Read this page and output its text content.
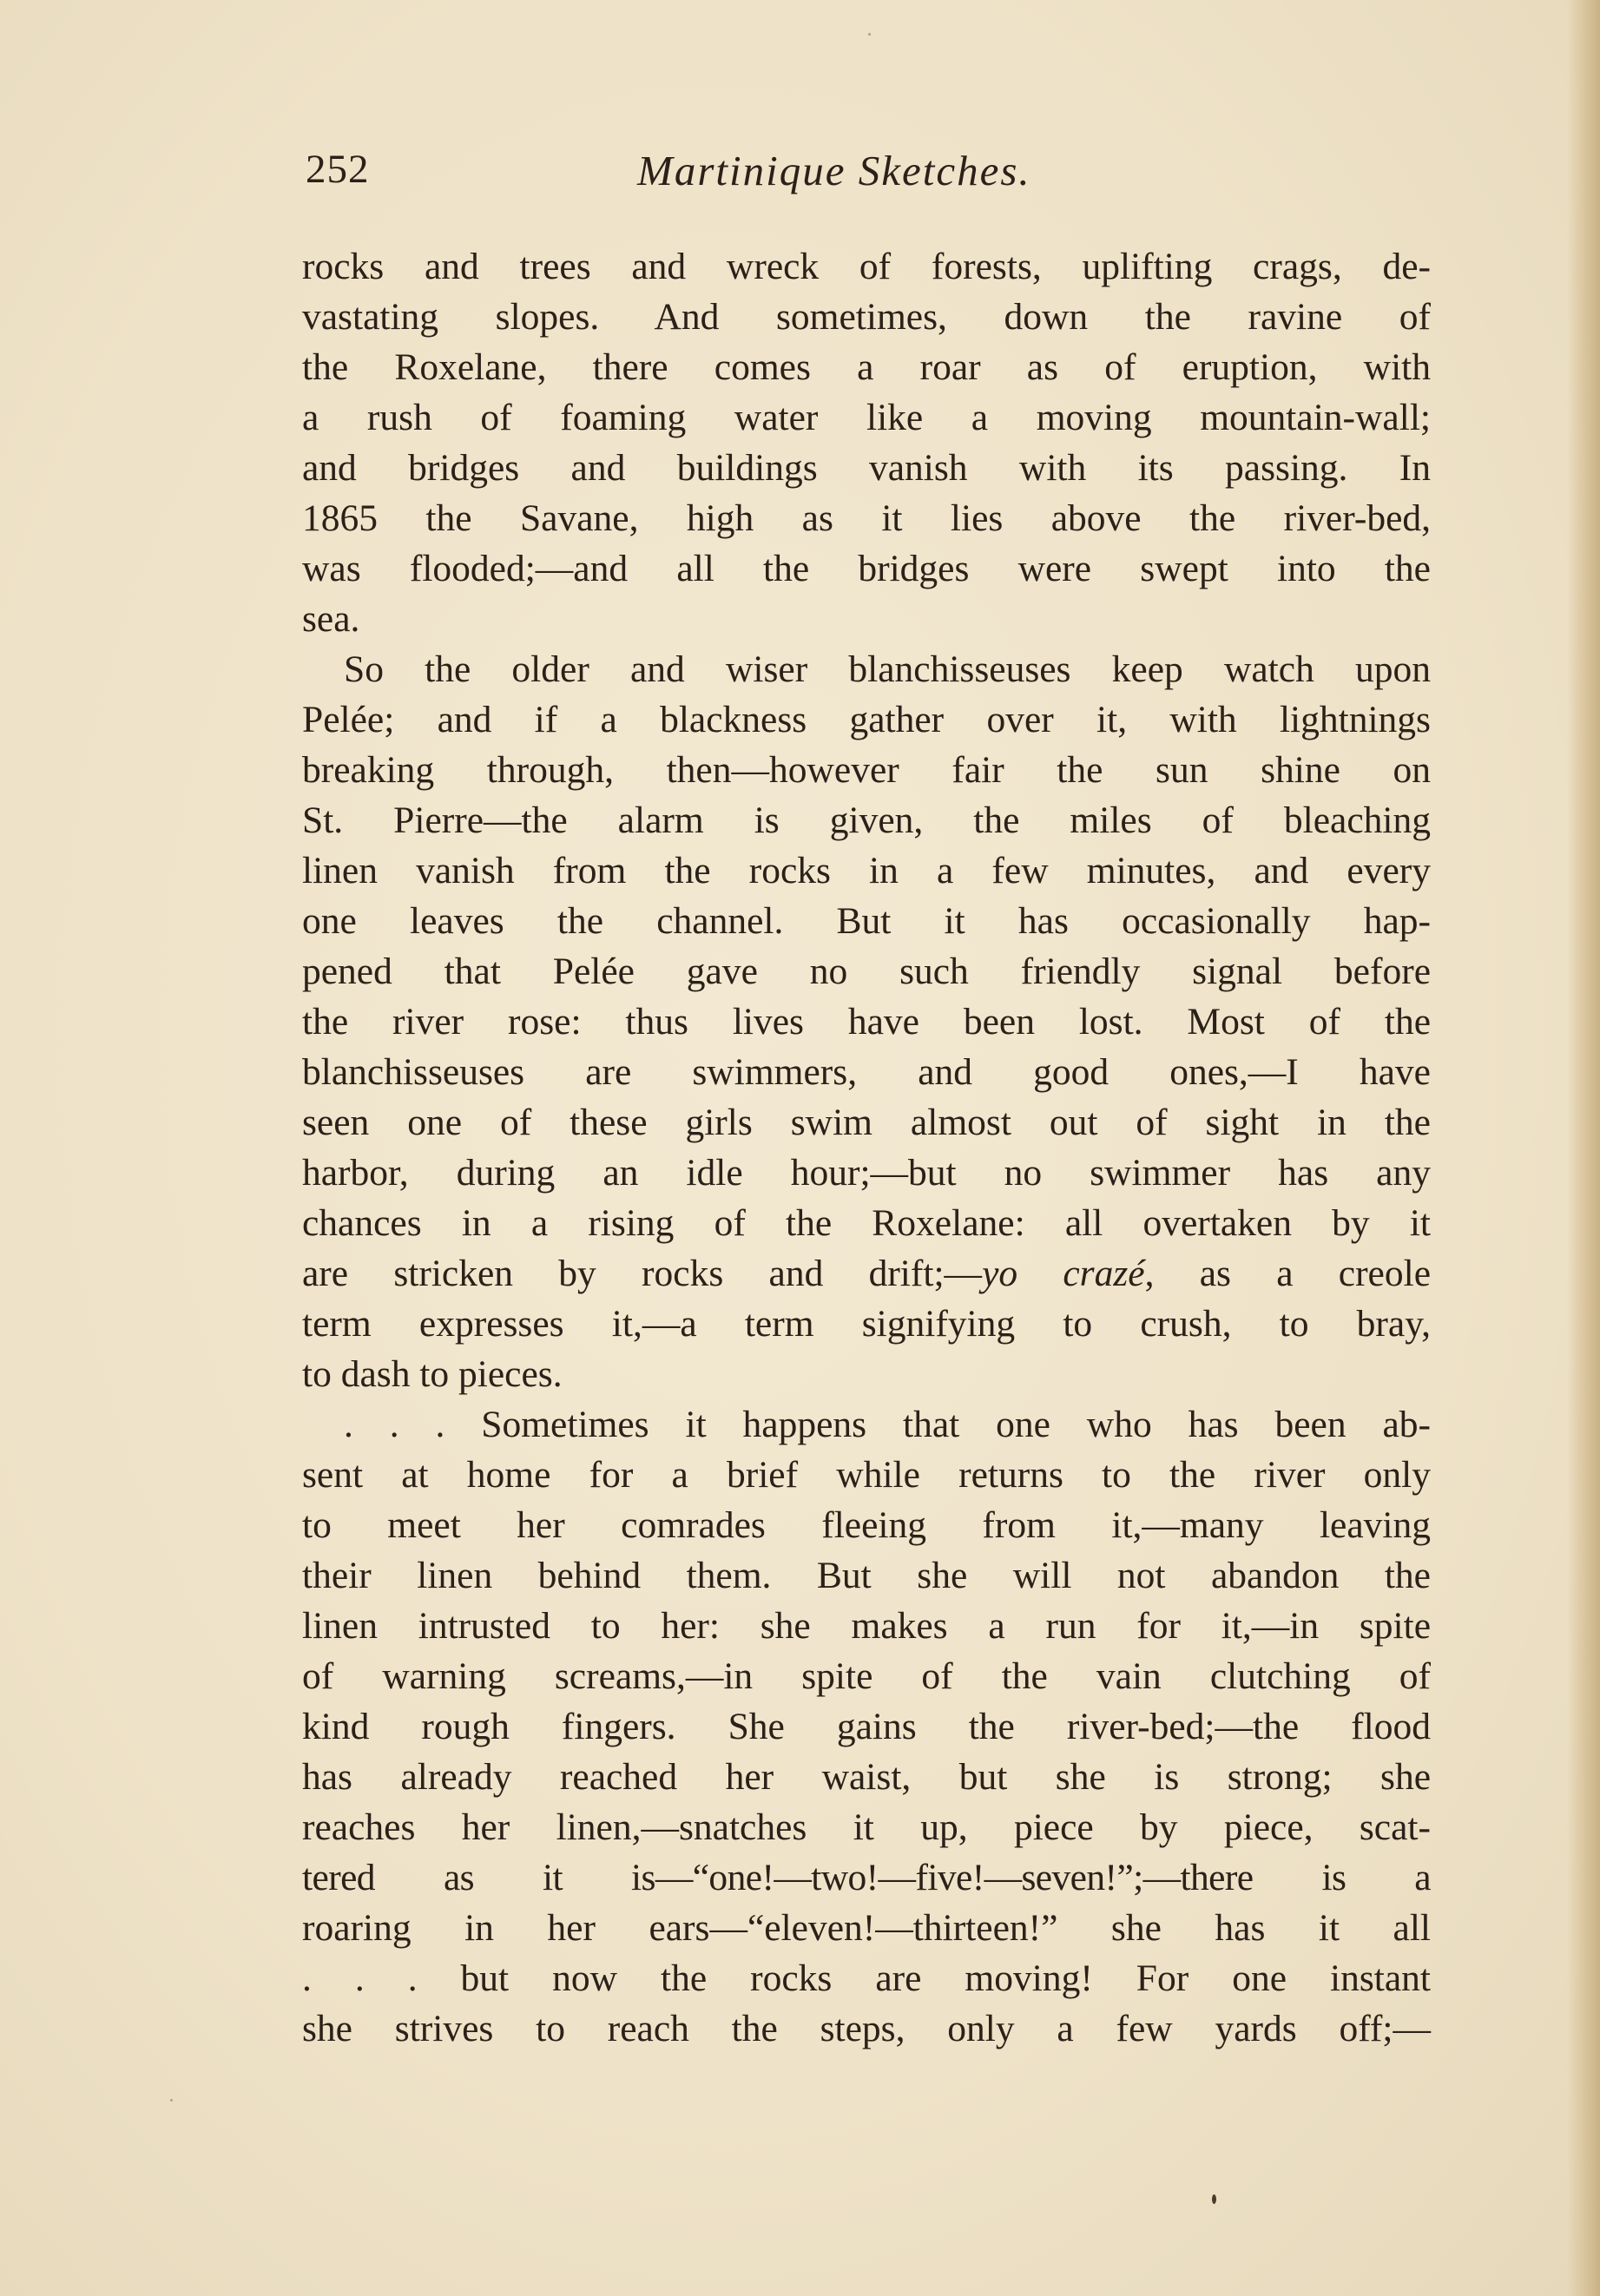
252	Martinique Sketches.
rocks and trees and wreck of forests, uplifting crags, de-
vastating slopes. And sometimes, down the ravine of
the Roxelane, there comes a roar as of eruption, with
a rush of foaming water like a moving mountain-wall;
and bridges and buildings vanish with its passing. In
1865 the Savane, high as it lies above the river-bed,
was flooded;—and all the bridges were swept into the
sea.
So the older and wiser blanchisseuses keep watch upon
Pelée; and if a blackness gather over it, with lightnings
breaking through, then—however fair the sun shine on
St. Pierre—the alarm is given, the miles of bleaching
linen vanish from the rocks in a few minutes, and every
one leaves the channel. But it has occasionally hap-
pened that Pelée gave no such friendly signal before
the river rose: thus lives have been lost. Most of the
blanchisseuses are swimmers, and good ones,—I have
seen one of these girls swim almost out of sight in the
harbor, during an idle hour;—but no swimmer has any
chances in a rising of the Roxelane: all overtaken by it
are stricken by rocks and drift;—yo crazé, as a creole
term expresses it,—a term signifying to crush, to bray,
to dash to pieces.
. . . Sometimes it happens that one who has been ab-
sent at home for a brief while returns to the river only
to meet her comrades fleeing from it,—many leaving
their linen behind them. But she will not abandon the
linen intrusted to her: she makes a run for it,—in spite
of warning screams,—in spite of the vain clutching of
kind rough fingers. She gains the river-bed;—the flood
has already reached her waist, but she is strong; she
reaches her linen,—snatches it up, piece by piece, scat-
tered as it is—“one!—two!—five!—seven!”;—there is a
roaring in her ears—“eleven!—thirteen!” she has it all
. . . but now the rocks are moving! For one instant
she strives to reach the steps, only a few yards off;—
